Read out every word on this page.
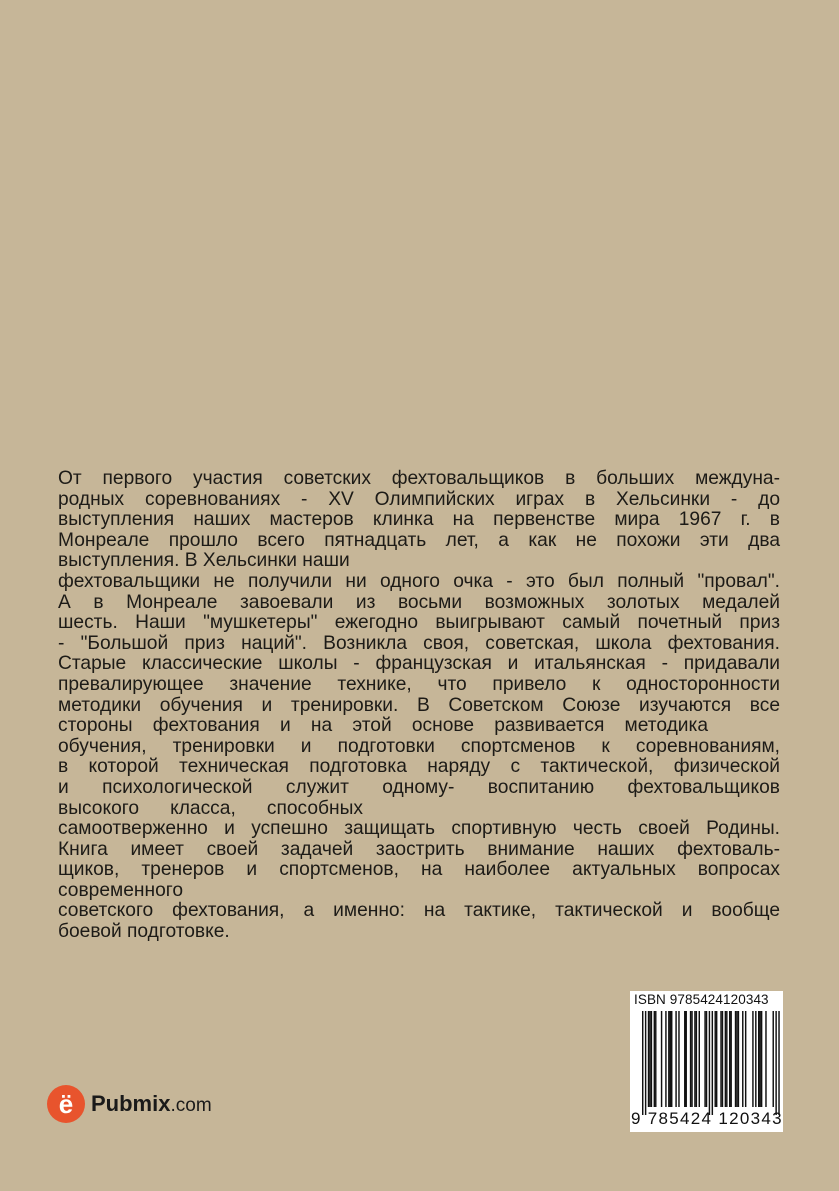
От первого участия советских фехтовальщиков в больших междуна-
родных соревнованиях - XV Олимпийских играх в Хельсинки - до
выступления наших мастеров клинка на первенстве мира 1967 г. в
Монреале прошло всего пятнадцать лет, а как не похожи эти два
выступления. В Хельсинки наши
фехтовальщики не получили ни одного очка - это был полный "провал".
А в Монреале завоевали из восьми возможных золотых медалей
шесть. Наши "мушкетеры" ежегодно выигрывают самый почетный приз
- "Большой приз наций". Возникла своя, советская, школа фехтования.
Старые классические школы - французская и итальянская - придавали
превалирующее значение технике, что привело к односторонности
методики обучения и тренировки. В Советском Союзе изучаются все
стороны фехтования и на этой основе развивается методика
обучения, тренировки и подготовки спортсменов к соревнованиям,
в которой техническая подготовка наряду с тактической, физической
и психологической служит одному- воспитанию фехтовальщиков
высокого класса, способных
самоотверженно и успешно защищать спортивную честь своей Родины.
Книга имеет своей задачей заострить внимание наших фехтоваль-
щиков, тренеров и спортсменов, на наиболее актуальных вопросах
современного
советского фехтования, а именно: на тактике, тактической и вообще
боевой подготовке.
ISBN 9785424120343
9 785424 120343
ё Pubmix.com
